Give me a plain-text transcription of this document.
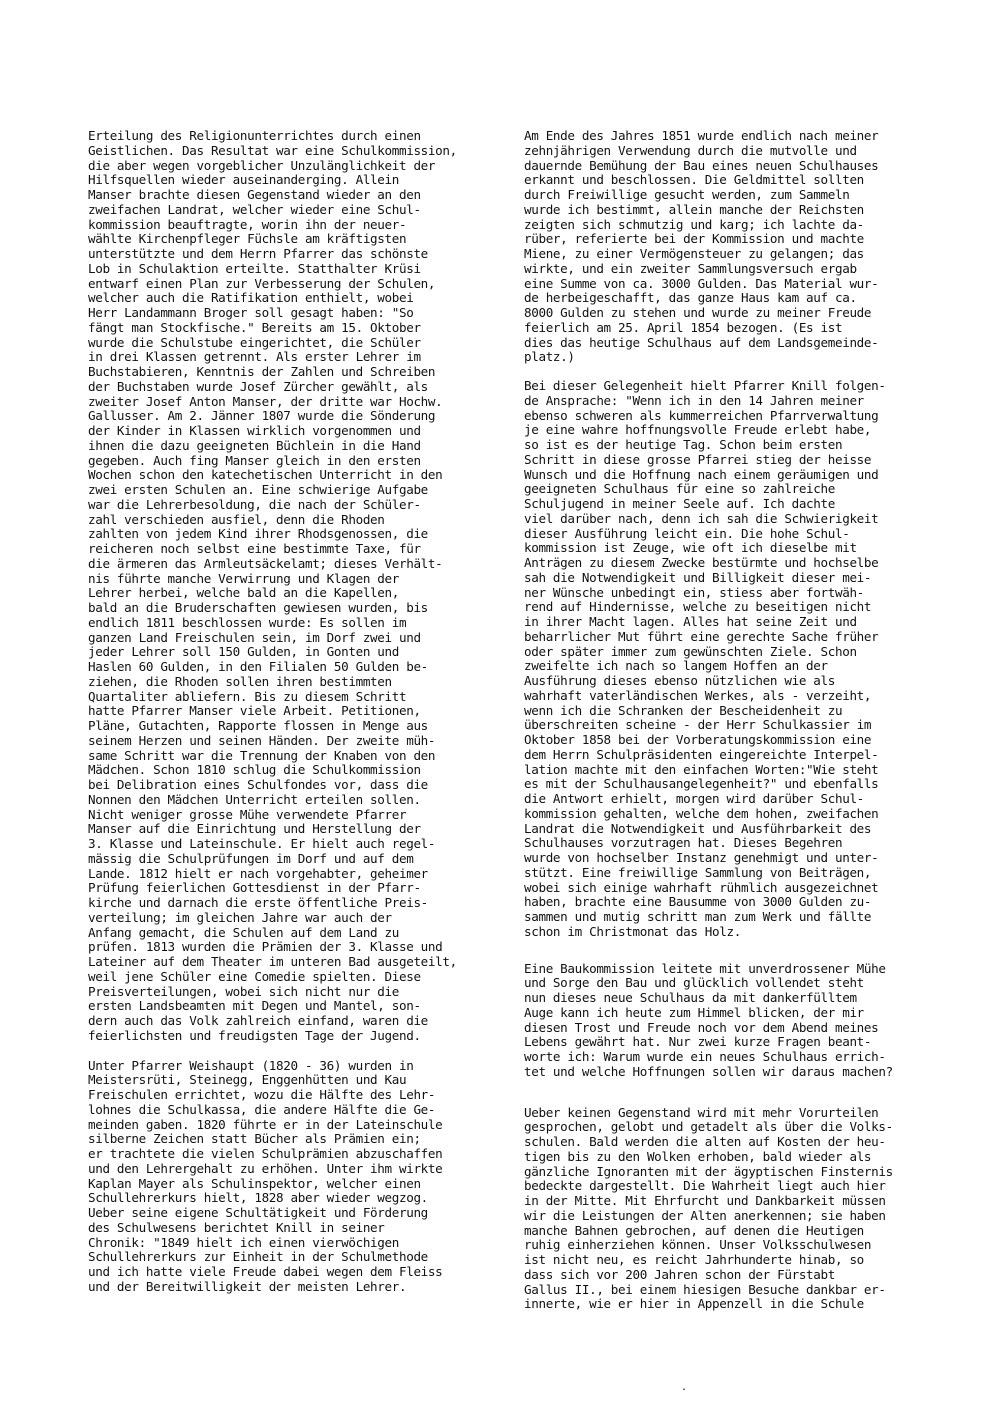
Erteilung des Religionunterrichtes durch einen
Geistlichen. Das Resultat war eine Schulkommission,
die aber wegen vorgeblicher Unzulänglichkeit der
Hilfsquellen wieder auseinanderging. Allein
Manser brachte diesen Gegenstand wieder an den
zweifachen Landrat, welcher wieder eine Schul-
kommission beauftragte, worin ihn der neuer-
wählte Kirchenpfleger Füchsle am kräftigsten
unterstützte und dem Herrn Pfarrer das schönste
Lob in Schulaktion erteilte. Statthalter Krüsi
entwarf einen Plan zur Verbesserung der Schulen,
welcher auch die Ratifikation enthielt, wobei
Herr Landammann Broger soll gesagt haben: "So
fängt man Stockfische." Bereits am 15. Oktober
wurde die Schulstube eingerichtet, die Schüler
in drei Klassen getrennt. Als erster Lehrer im
Buchstabieren, Kenntnis der Zahlen und Schreiben
der Buchstaben wurde Josef Zürcher gewählt, als
zweiter Josef Anton Manser, der dritte war Hochw.
Gallusser. Am 2. Jänner 1807 wurde die Sönderung
der Kinder in Klassen wirklich vorgenommen und
ihnen die dazu geeigneten Büchlein in die Hand
gegeben. Auch fing Manser gleich in den ersten
Wochen schon den katechetischen Unterricht in den
zwei ersten Schulen an. Eine schwierige Aufgabe
war die Lehrerbesoldung, die nach der Schüler-
zahl verschieden ausfiel, denn die Rhoden
zahlten von jedem Kind ihrer Rhodsgenossen, die
reicheren noch selbst eine bestimmte Taxe, für
die ärmeren das Armleutsäckelamt; dieses Verhält-
nis führte manche Verwirrung und Klagen der
Lehrer herbei, welche bald an die Kapellen,
bald an die Bruderschaften gewiesen wurden, bis
endlich 1811 beschlossen wurde: Es sollen im
ganzen Land Freischulen sein, im Dorf zwei und
jeder Lehrer soll 150 Gulden, in Gonten und
Haslen 60 Gulden, in den Filialen 50 Gulden be-
ziehen, die Rhoden sollen ihren bestimmten
Quartaliter abliefern. Bis zu diesem Schritt
hatte Pfarrer Manser viele Arbeit. Petitionen,
Pläne, Gutachten, Rapporte flossen in Menge aus
seinem Herzen und seinen Händen. Der zweite müh-
same Schritt war die Trennung der Knaben von den
Mädchen. Schon 1810 schlug die Schulkommission
bei Delibration eines Schulfondes vor, dass die
Nonnen den Mädchen Unterricht erteilen sollen.
Nicht weniger grosse Mühe verwendete Pfarrer
Manser auf die Einrichtung und Herstellung der
3. Klasse und Lateinschule. Er hielt auch regel-
mässig die Schulprüfungen im Dorf und auf dem
Lande. 1812 hielt er nach vorgehabter, geheimer
Prüfung feierlichen Gottesdienst in der Pfarr-
kirche und darnach die erste öffentliche Preis-
verteilung; im gleichen Jahre war auch der
Anfang gemacht, die Schulen auf dem Land zu
prüfen. 1813 wurden die Prämien der 3. Klasse und
Lateiner auf dem Theater im unteren Bad ausgeteilt,
weil jene Schüler eine Comedie spielten. Diese
Preisverteilungen, wobei sich nicht nur die
ersten Landsbeamten mit Degen und Mantel, son-
dern auch das Volk zahlreich einfand, waren die
feierlichsten und freudigsten Tage der Jugend.
Unter Pfarrer Weishaupt (1820 - 36) wurden in
Meistersrüti, Steinegg, Enggenhütten und Kau
Freischulen errichtet, wozu die Hälfte des Lehr-
lohnes die Schulkassa, die andere Hälfte die Ge-
meinden gaben. 1820 führte er in der Lateinschule
silberne Zeichen statt Bücher als Prämien ein;
er trachtete die vielen Schulprämien abzuschaffen
und den Lehrergehalt zu erhöhen. Unter ihm wirkte
Kaplan Mayer als Schulinspektor, welcher einen
Schullehrerkurs hielt, 1828 aber wieder wegzog.
Ueber seine eigene Schultätigkeit und Förderung
des Schulwesens berichtet Knill in seiner
Chronik: "1849 hielt ich einen vierwöchigen
Schullehrerkurs zur Einheit in der Schulmethode
und ich hatte viele Freude dabei wegen dem Fleiss
und der Bereitwilligkeit der meisten Lehrer.
Am Ende des Jahres 1851 wurde endlich nach meiner
zehnjährigen Verwendung durch die mutvolle und
dauernde Bemühung der Bau eines neuen Schulhauses
erkannt und beschlossen. Die Geldmittel sollten
durch Freiwillige gesucht werden, zum Sammeln
wurde ich bestimmt, allein manche der Reichsten
zeigten sich schmutzig und karg; ich lachte da-
rüber, referierte bei der Kommission und machte
Miene, zu einer Vermögensteuer zu gelangen; das
wirkte, und ein zweiter Sammlungsversuch ergab
eine Summe von ca. 3000 Gulden. Das Material wur-
de herbeigeschafft, das ganze Haus kam auf ca.
8000 Gulden zu stehen und wurde zu meiner Freude
feierlich am 25. April 1854 bezogen. (Es ist
dies das heutige Schulhaus auf dem Landsgemeinde-
platz.)
Bei dieser Gelegenheit hielt Pfarrer Knill folgen-
de Ansprache: "Wenn ich in den 14 Jahren meiner
ebenso schweren als kummerreichen Pfarrverwaltung
je eine wahre hoffnungsvolle Freude erlebt habe,
so ist es der heutige Tag. Schon beim ersten
Schritt in diese grosse Pfarrei stieg der heisse
Wunsch und die Hoffnung nach einem geräumigen und
geeigneten Schulhaus für eine so zahlreiche
Schuljugend in meiner Seele auf. Ich dachte
viel darüber nach, denn ich sah die Schwierigkeit
dieser Ausführung leicht ein. Die hohe Schul-
kommission ist Zeuge, wie oft ich dieselbe mit
Anträgen zu diesem Zwecke bestürmte und hochselbe
sah die Notwendigkeit und Billigkeit dieser mei-
ner Wünsche unbedingt ein, stiess aber fortwäh-
rend auf Hindernisse, welche zu beseitigen nicht
in ihrer Macht lagen. Alles hat seine Zeit und
beharrlicher Mut führt eine gerechte Sache früher
oder später immer zum gewünschten Ziele. Schon
zweifelte ich nach so langem Hoffen an der
Ausführung dieses ebenso nützlichen wie als
wahrhaft vaterländischen Werkes, als - verzeiht,
wenn ich die Schranken der Bescheidenheit zu
überschreiten scheine - der Herr Schulkassier im
Oktober 1858 bei der Vorberatungskommission eine
dem Herrn Schulpräsidenten eingereichte Interpel-
lation machte mit den einfachen Worten:"Wie steht
es mit der Schulhausangelegenheit?" und ebenfalls
die Antwort erhielt, morgen wird darüber Schul-
kommission gehalten, welche dem hohen, zweifachen
Landrat die Notwendigkeit und Ausführbarkeit des
Schulhauses vorzutragen hat. Dieses Begehren
wurde von hochselber Instanz genehmigt und unter-
stützt. Eine freiwillige Sammlung von Beiträgen,
wobei sich einige wahrhaft rühmlich ausgezeichnet
haben, brachte eine Bausumme von 3000 Gulden zu-
sammen und mutig schritt man zum Werk und fällte
schon im Christmonat das Holz.
Eine Baukommission leitete mit unverdrossener Mühe
und Sorge den Bau und glücklich vollendet steht
nun dieses neue Schulhaus da mit dankerfülltem
Auge kann ich heute zum Himmel blicken, der mir
diesen Trost und Freude noch vor dem Abend meines
Lebens gewährt hat. Nur zwei kurze Fragen beant-
worte ich: Warum wurde ein neues Schulhaus errich-
tet und welche Hoffnungen sollen wir daraus machen?
Ueber keinen Gegenstand wird mit mehr Vorurteilen
gesprochen, gelobt und getadelt als über die Volks-
schulen. Bald werden die alten auf Kosten der heu-
tigen bis zu den Wolken erhoben, bald wieder als
gänzliche Ignoranten mit der ägyptischen Finsternis
bedeckte dargestellt. Die Wahrheit liegt auch hier
in der Mitte. Mit Ehrfurcht und Dankbarkeit müssen
wir die Leistungen der Alten anerkennen; sie haben
manche Bahnen gebrochen, auf denen die Heutigen
ruhig einherziehen können. Unser Volksschulwesen
ist nicht neu, es reicht Jahrhunderte hinab, so
dass sich vor 200 Jahren schon der Fürstabt
Gallus II., bei einem hiesigen Besuche dankbar er-
innerte, wie er hier in Appenzell in die Schule
.
